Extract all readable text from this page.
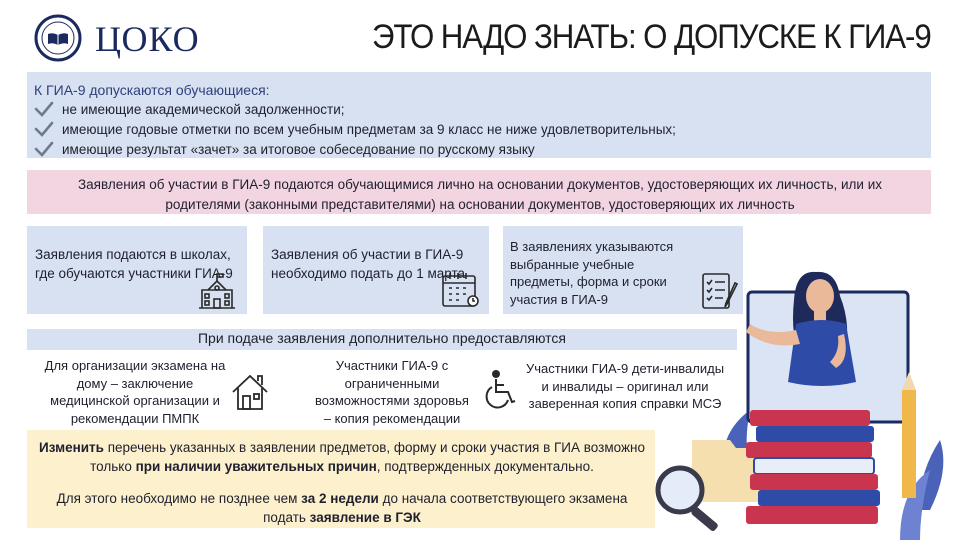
ЦОКО	ЭТО НАДО ЗНАТЬ: О ДОПУСКЕ К ГИА-9
К ГИА-9 допускаются обучающиеся:
не имеющие академической задолженности;
имеющие годовые отметки по всем учебным предметам за 9 класс не ниже удовлетворительных;
имеющие результат «зачет» за итоговое собеседование по русскому языку
Заявления об участии в ГИА-9 подаются обучающимися лично на основании документов, удостоверяющих их личность, или их родителями (законными представителями) на основании документов, удостоверяющих их личность
Заявления подаются в школах, где обучаются участники ГИА-9
Заявления об участии в ГИА-9 необходимо подать до 1 марта
В заявлениях указываются выбранные учебные предметы, форма и сроки участия в ГИА-9
При подаче заявления дополнительно предоставляются
Для организации экзамена на дому – заключение медицинской организации и рекомендации ПМПК
Участники ГИА-9 с ограниченными возможностями здоровья – копия рекомендации
Участники ГИА-9 дети-инвалиды и инвалиды – оригинал или заверенная копия справки МСЭ
Изменить перечень указанных в заявлении предметов, форму и сроки участия в ГИА возможно только при наличии уважительных причин, подтвержденных документально.
Для этого необходимо не позднее чем за 2 недели до начала соответствующего экзамена подать заявление в ГЭК
